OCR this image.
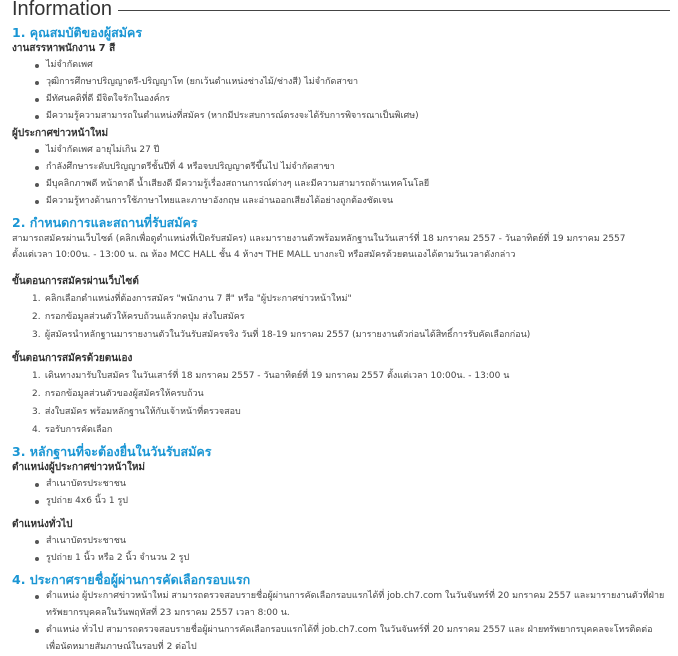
Information
1. คุณสมบัติของผู้สมัคร
งานสรรหาพนักงาน 7 สี
ไม่จำกัดเพศ
วุฒิการศึกษาปริญญาตรี-ปริญญาโท (ยกเว้นตำแหน่งช่างไม้/ช่างสี) ไม่จำกัดสาขา
มีทัศนคติที่ดี มีจิตใจรักในองค์กร
มีความรู้ความสามารถในตำแหน่งที่สมัคร (หากมีประสบการณ์ตรงจะได้รับการพิจารณาเป็นพิเศษ)
ผู้ประกาศข่าวหน้าใหม่
ไม่จำกัดเพศ อายุไม่เกิน 27 ปี
กำลังศึกษาระดับปริญญาตรีชั้นปีที่ 4 หรือจบปริญญาตรีขึ้นไป ไม่จำกัดสาขา
มีบุคลิกภาพดี หน้าตาดี น้ำเสียงดี มีความรู้เรื่องสถานการณ์ต่างๆ และมีความสามารถด้านเทคโนโลยี
มีความรู้ทางด้านการใช้ภาษาไทยและภาษาอังกฤษ และอ่านออกเสียงได้อย่างถูกต้องชัดเจน
2. กำหนดการและสถานที่รับสมัคร

สามารถสมัครผ่านเว็บไซต์ (คลิกเพื่อดูตำแหน่งที่เปิดรับสมัคร) และมารายงานตัวพร้อมหลักฐานในวันเสาร์ที่ 18 มกราคม 2557 - วันอาทิตย์ที่ 19 มกราคม 2557

ตั้งแต่เวลา 10:00น. - 13:00 น. ณ ห้อง MCC HALL ชั้น 4 ห้างฯ THE MALL บางกะปิ หรือสมัครด้วยตนเองได้ตามวันเวลาดังกล่าว

ขั้นตอนการสมัครผ่านเว็บไซต์
1. คลิกเลือกตำแหน่งที่ต้องการสมัคร "พนักงาน 7 สี" หรือ "ผู้ประกาศข่าวหน้าใหม่"
2. กรอกข้อมูลส่วนตัวให้ครบถ้วนแล้วกดปุ่ม ส่งใบสมัคร
3. ผู้สมัครนำหลักฐานมารายงานตัวในวันรับสมัครจริง วันที่ 18-19 มกราคม 2557 (มารายงานตัวก่อนได้สิทธิ์การรับคัดเลือกก่อน)
ขั้นตอนการสมัครด้วยตนเอง
1. เดินทางมารับใบสมัคร ในวันเสาร์ที่ 18 มกราคม 2557 - วันอาทิตย์ที่ 19 มกราคม 2557 ตั้งแต่เวลา 10:00น. - 13:00 น
2. กรอกข้อมูลส่วนตัวของผู้สมัครให้ครบถ้วน
3. ส่งใบสมัคร พร้อมหลักฐานให้กับเจ้าหน้าที่ตรวจสอบ
4. รอรับการคัดเลือก
3. หลักฐานที่จะต้องยื่นในวันรับสมัคร
ตำแหน่งผู้ประกาศข่าวหน้าใหม่
สำเนาบัตรประชาชน
รูปถ่าย 4x6 นิ้ว 1 รูป
ตำแหน่งทั่วไป
สำเนาบัตรประชาชน
รูปถ่าย 1 นิ้ว หรือ 2 นิ้ว จำนวน 2 รูป
4. ประกาศรายชื่อผู้ผ่านการคัดเลือกรอบแรก
ตำแหน่ง ผู้ประกาศข่าวหน้าใหม่ สามารถตรวจสอบรายชื่อผู้ผ่านการคัดเลือกรอบแรกได้ที่ job.ch7.com ในวันจันทร์ที่ 20 มกราคม 2557 และมารายงานตัวที่ฝ่ายทรัพยากรบุคคลในวันพฤหัสที่ 23 มกราคม 2557 เวลา 8:00 น.
ตำแหน่ง ทั่วไป สามารถตรวจสอบรายชื่อผู้ผ่านการคัดเลือกรอบแรกได้ที่ job.ch7.com ในวันจันทร์ที่ 20 มกราคม 2557 และ ฝ่ายทรัพยากรบุคคลจะโทรติดต่อเพื่อนัดหมายสัมภาษณ์ในรอบที่ 2 ต่อไป
